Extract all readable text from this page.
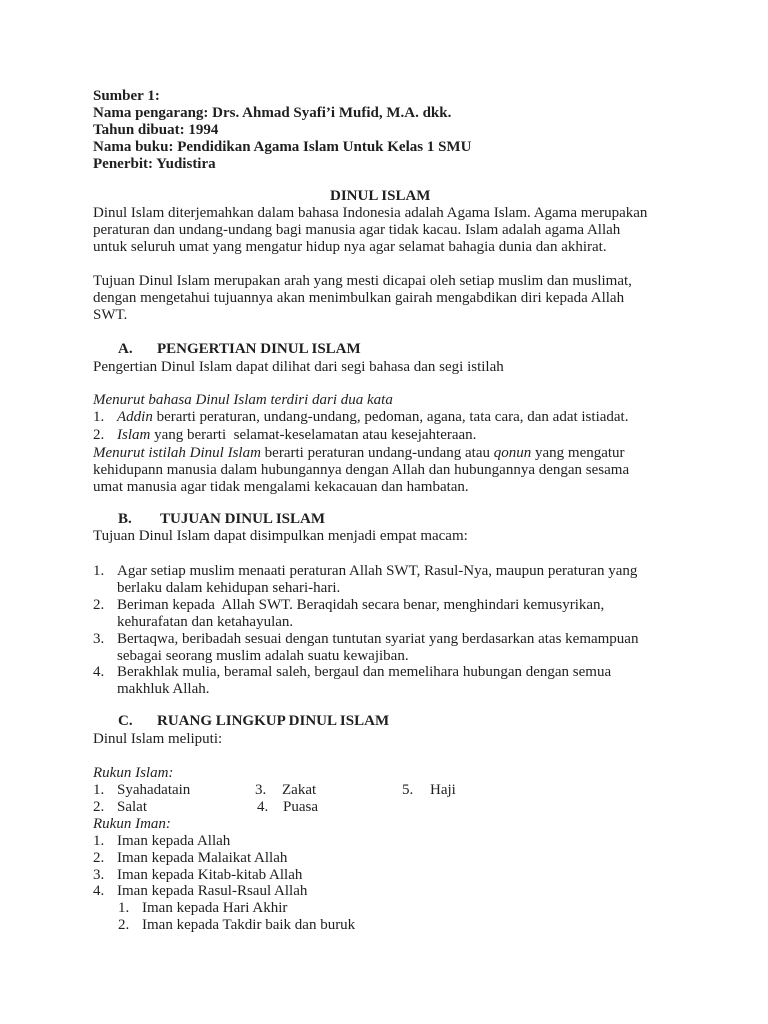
Sumber 1:
Nama pengarang: Drs. Ahmad Syafi’i Mufid, M.A. dkk.
Tahun dibuat: 1994
Nama buku: Pendidikan Agama Islam Untuk Kelas 1 SMU
Penerbit: Yudistira
DINUL ISLAM
Dinul Islam diterjemahkan dalam bahasa Indonesia adalah Agama Islam. Agama merupakan
peraturan dan undang-undang bagi manusia agar tidak kacau. Islam adalah agama Allah
untuk seluruh umat yang mengatur hidup nya agar selamat bahagia dunia dan akhirat.
Tujuan Dinul Islam merupakan arah yang mesti dicapai oleh setiap muslim dan muslimat,
dengan mengetahui tujuannya akan menimbulkan gairah mengabdikan diri kepada Allah
SWT.
A. PENGERTIAN DINUL ISLAM
Pengertian Dinul Islam dapat dilihat dari segi bahasa dan segi istilah
Menurut bahasa Dinul Islam terdiri dari dua kata
1. Addin berarti peraturan, undang-undang, pedoman, agana, tata cara, dan adat istiadat.
2. Islam yang berarti  selamat-keselamatan atau kesejahteraan.
Menurut istilah Dinul Islam berarti peraturan undang-undang atau qonun yang mengatur
kehidupann manusia dalam hubungannya dengan Allah dan hubungannya dengan sesama
umat manusia agar tidak mengalami kekacauan dan hambatan.
B. TUJUAN DINUL ISLAM
Tujuan Dinul Islam dapat disimpulkan menjadi empat macam:
1. Agar setiap muslim menaati peraturan Allah SWT, Rasul-Nya, maupun peraturan yang
berlaku dalam kehidupan sehari-hari.
2. Beriman kepada  Allah SWT. Beraqidah secara benar, menghindari kemusyrikan,
kehurafatan dan ketahayulan.
3. Bertaqwa, beribadah sesuai dengan tuntutan syariat yang berdasarkan atas kemampuan
sebagai seorang muslim adalah suatu kewajiban.
4. Berakhlak mulia, beramal saleh, bergaul dan memelihara hubungan dengan semua
makhluk Allah.
C. RUANG LINGKUP DINUL ISLAM
Dinul Islam meliputi:
Rukun Islam:
1. Syahadatain
2. Salat
3. Zakat
4. Puasa
5. Haji
Rukun Iman:
1. Iman kepada Allah
2. Iman kepada Malaikat Allah
3. Iman kepada Kitab-kitab Allah
4. Iman kepada Rasul-Rsaul Allah
1. Iman kepada Hari Akhir
2. Iman kepada Takdir baik dan buruk
